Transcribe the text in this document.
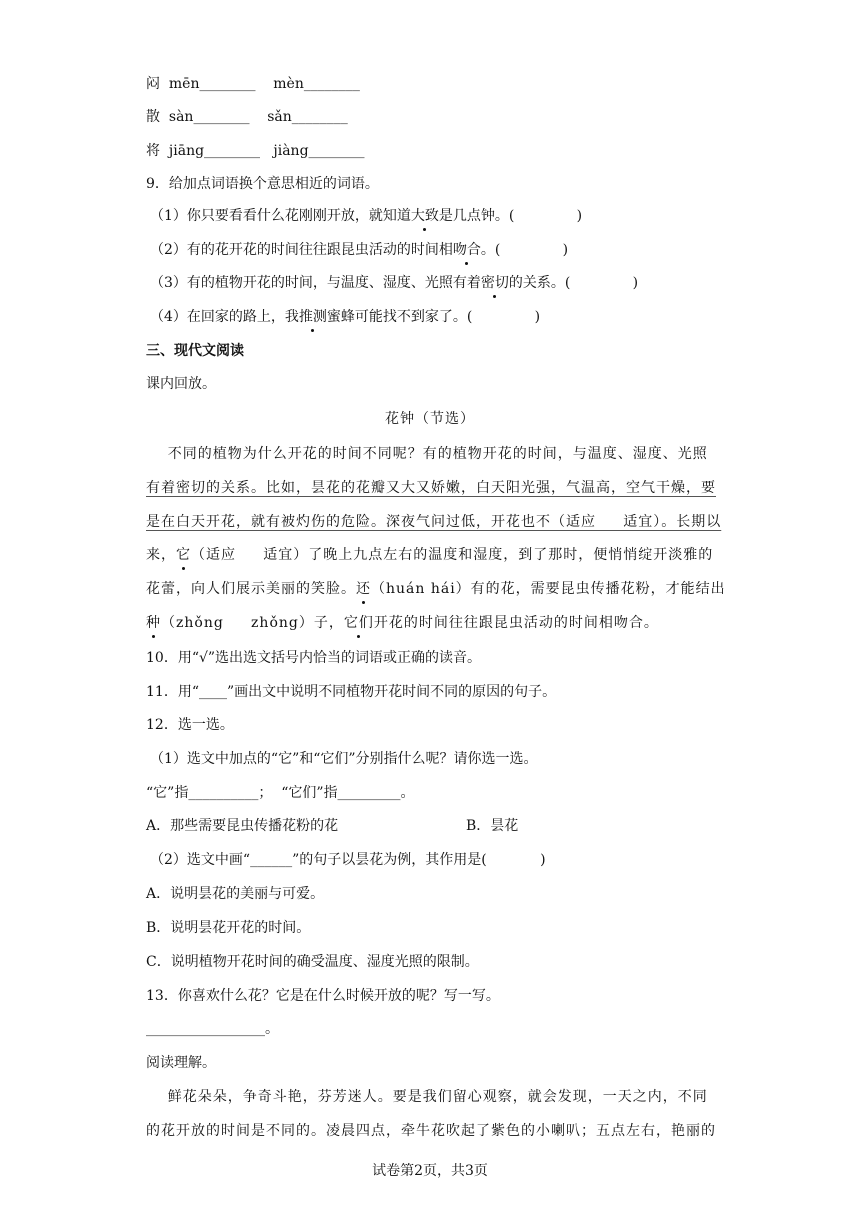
闷  mēn________    mèn________
散  sàn________    sǎn________
将  jiāng________   jiàng________
9．给加点词语换个意思相近的词语。
（1）你只要看看什么花刚刚开放，就知道大致是几点钟。(              )
（2）有的花开花的时间往往跟昆虫活动的时间相吻合。(              )
（3）有的植物开花的时间，与温度、湿度、光照有着密切的关系。(              )
（4）在回家的路上，我推测蜜蜂可能找不到家了。(              )
三、现代文阅读
课内回放。
花钟（节选）
不同的植物为什么开花的时间不同呢？有的植物开花的时间，与温度、湿度、光照
有着密切的关系。比如，昙花的花瓣又大又娇嫩，白天阳光强，气温高，空气干燥，要
是在白天开花，就有被灼伤的危险。深夜气问过低，开花也不（适应     适宜）。长期以
来，它（适应     适宜）了晚上九点左右的温度和湿度，到了那时，便悄悄绽开淡雅的
花蕾，向人们展示美丽的笑脸。还（huán hái）有的花，需要昆虫传播花粉，才能结出
种（zhǒng     zhǒng）子，它们开花的时间往往跟昆虫活动的时间相吻合。
10．用“√”选出选文括号内恰当的词语或正确的读音。
11．用“____”画出文中说明不同植物开花时间不同的原因的句子。
12．选一选。
（1）选文中加点的“它”和“它们”分别指什么呢？请你选一选。
“它”指__________；  “它们”指_________。
A．那些需要昆虫传播花粉的花	B．昙花
（2）选文中画“______”的句子以昙花为例，其作用是(            )
A．说明昙花的美丽与可爱。
B．说明昙花开花的时间。
C．说明植物开花时间的确受温度、湿度光照的限制。
13．你喜欢什么花？它是在什么时候开放的呢？写一写。
_________________。
阅读理解。
鲜花朵朵，争奇斗艳，芬芳迷人。要是我们留心观察，就会发现，一天之内，不同
的花开放的时间是不同的。凌晨四点，牵牛花吹起了紫色的小喇叭；五点左右，艳丽的
试卷第2页，共3页
